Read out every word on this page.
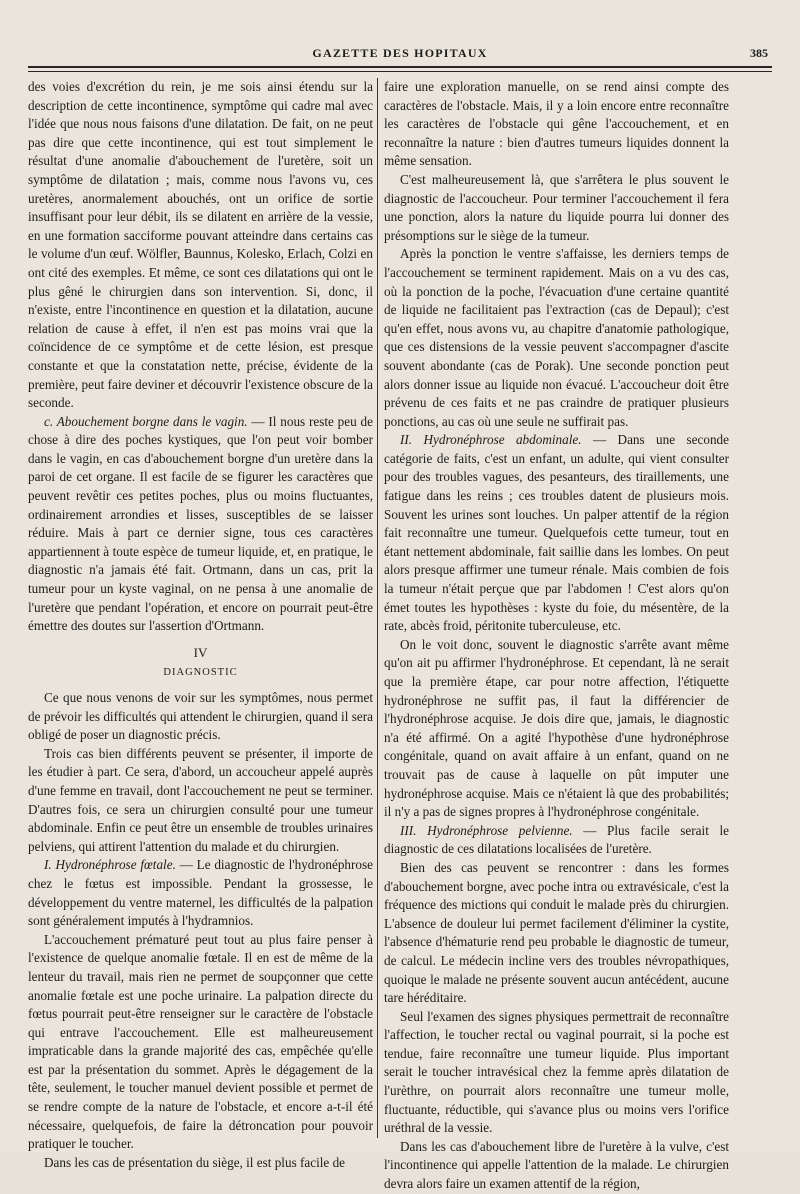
GAZETTE DES HOPITAUX	385

des voies d'excrétion du rein, je me sois ainsi étendu sur la description de cette incontinence, symptôme qui cadre mal avec l'idée que nous nous faisons d'une dilatation. De fait, on ne peut pas dire que cette incontinence, qui est tout simplement le résultat d'une anomalie d'abouchement de l'uretère, soit un symptôme de dilatation ; mais, comme nous l'avons vu, ces uretères, anormalement abouchés, ont un orifice de sortie insuffisant pour leur débit, ils se dilatent en arrière de la vessie, en une formation sacciforme pouvant atteindre dans certains cas le volume d'un œuf. Wölfler, Baunnus, Kolesko, Erlach, Colzi en ont cité des exemples. Et même, ce sont ces dilatations qui ont le plus gêné le chirurgien dans son intervention. Si, donc, il n'existe, entre l'incontinence en question et la dilatation, aucune relation de cause à effet, il n'en est pas moins vrai que la coïncidence de ce symptôme et de cette lésion, est presque constante et que la constatation nette, précise, évidente de la première, peut faire deviner et découvrir l'existence obscure de la seconde.

c. Abouchement borgne dans le vagin. — Il nous reste peu de chose à dire des poches kystiques, que l'on peut voir bomber dans le vagin, en cas d'abouchement borgne d'un uretère dans la paroi de cet organe. Il est facile de se figurer les caractères que peuvent revêtir ces petites poches, plus ou moins fluctuantes, ordinairement arrondies et lisses, susceptibles de se laisser réduire. Mais à part ce dernier signe, tous ces caractères appartiennent à toute espèce de tumeur liquide, et, en pratique, le diagnostic n'a jamais été fait. Ortmann, dans un cas, prit la tumeur pour un kyste vaginal, on ne pensa à une anomalie de l'uretère que pendant l'opération, et encore on pourrait peut-être émettre des doutes sur l'assertion d'Ortmann.

IV
DIAGNOSTIC

Ce que nous venons de voir sur les symptômes, nous permet de prévoir les difficultés qui attendent le chirurgien, quand il sera obligé de poser un diagnostic précis.

Trois cas bien différents peuvent se présenter, il importe de les étudier à part. Ce sera, d'abord, un accoucheur appelé auprès d'une femme en travail, dont l'accouchement ne peut se terminer. D'autres fois, ce sera un chirurgien consulté pour une tumeur abdominale. Enfin ce peut être un ensemble de troubles urinaires pelviens, qui attirent l'attention du malade et du chirurgien.

I. Hydronéphrose fœtale. — Le diagnostic de l'hydronéphrose chez le fœtus est impossible. Pendant la grossesse, le développement du ventre maternel, les difficultés de la palpation sont généralement imputés à l'hydramnios.

L'accouchement prématuré peut tout au plus faire penser à l'existence de quelque anomalie fœtale. Il en est de même de la lenteur du travail, mais rien ne permet de soupçonner que cette anomalie fœtale est une poche urinaire. La palpation directe du fœtus pourrait peut-être renseigner sur le caractère de l'obstacle qui entrave l'accouchement. Elle est malheureusement impraticable dans la grande majorité des cas, empêchée qu'elle est par la présentation du sommet. Après le dégagement de la tête, seulement, le toucher manuel devient possible et permet de se rendre compte de la nature de l'obstacle, et encore a-t-il été nécessaire, quelquefois, de faire la détroncation pour pouvoir pratiquer le toucher.

Dans les cas de présentation du siège, il est plus facile de

faire une exploration manuelle, on se rend ainsi compte des caractères de l'obstacle. Mais, il y a loin encore entre reconnaître les caractères de l'obstacle qui gêne l'accouchement, et en reconnaître la nature : bien d'autres tumeurs liquides donnent la même sensation.

C'est malheureusement là, que s'arrêtera le plus souvent le diagnostic de l'accoucheur. Pour terminer l'accouchement il fera une ponction, alors la nature du liquide pourra lui donner des présomptions sur le siège de la tumeur.

Après la ponction le ventre s'affaisse, les derniers temps de l'accouchement se terminent rapidement. Mais on a vu des cas, où la ponction de la poche, l'évacuation d'une certaine quantité de liquide ne facilitaient pas l'extraction (cas de Depaul); c'est qu'en effet, nous avons vu, au chapitre d'anatomie pathologique, que ces distensions de la vessie peuvent s'accompagner d'ascite souvent abondante (cas de Porak). Une seconde ponction peut alors donner issue au liquide non évacué. L'accoucheur doit être prévenu de ces faits et ne pas craindre de pratiquer plusieurs ponctions, au cas où une seule ne suffirait pas.

II. Hydronéphrose abdominale. — Dans une seconde catégorie de faits, c'est un enfant, un adulte, qui vient consulter pour des troubles vagues, des pesanteurs, des tiraillements, une fatigue dans les reins ; ces troubles datent de plusieurs mois. Souvent les urines sont louches. Un palper attentif de la région fait reconnaître une tumeur. Quelquefois cette tumeur, tout en étant nettement abdominale, fait saillie dans les lombes. On peut alors presque affirmer une tumeur rénale. Mais combien de fois la tumeur n'était perçue que par l'abdomen ! C'est alors qu'on émet toutes les hypothèses : kyste du foie, du mésentère, de la rate, abcès froid, péritonite tuberculeuse, etc.

On le voit donc, souvent le diagnostic s'arrête avant même qu'on ait pu affirmer l'hydronéphrose. Et cependant, là ne serait que la première étape, car pour notre affection, l'étiquette hydronéphrose ne suffit pas, il faut la différencier de l'hydronéphrose acquise. Je dois dire que, jamais, le diagnostic n'a été affirmé. On a agité l'hypothèse d'une hydronéphrose congénitale, quand on avait affaire à un enfant, quand on ne trouvait pas de cause à laquelle on pût imputer une hydronéphrose acquise. Mais ce n'étaient là que des probabilités; il n'y a pas de signes propres à l'hydronéphrose congénitale.

III. Hydronéphrose pelvienne. — Plus facile serait le diagnostic de ces dilatations localisées de l'uretère.

Bien des cas peuvent se rencontrer : dans les formes d'abouchement borgne, avec poche intra ou extravésicale, c'est la fréquence des mictions qui conduit le malade près du chirurgien. L'absence de douleur lui permet facilement d'éliminer la cystite, l'absence d'hématurie rend peu probable le diagnostic de tumeur, de calcul. Le médecin incline vers des troubles névropathiques, quoique le malade ne présente souvent aucun antécédent, aucune tare héréditaire.

Seul l'examen des signes physiques permettrait de reconnaître l'affection, le toucher rectal ou vaginal pourrait, si la poche est tendue, faire reconnaître une tumeur liquide. Plus important serait le toucher intravésical chez la femme après dilatation de l'urèthre, on pourrait alors reconnaître une tumeur molle, fluctuante, réductible, qui s'avance plus ou moins vers l'orifice uréthral de la vessie.

Dans les cas d'abouchement libre de l'uretère à la vulve, c'est l'incontinence qui appelle l'attention de la malade. Le chirurgien devra alors faire un examen attentif de la région,
